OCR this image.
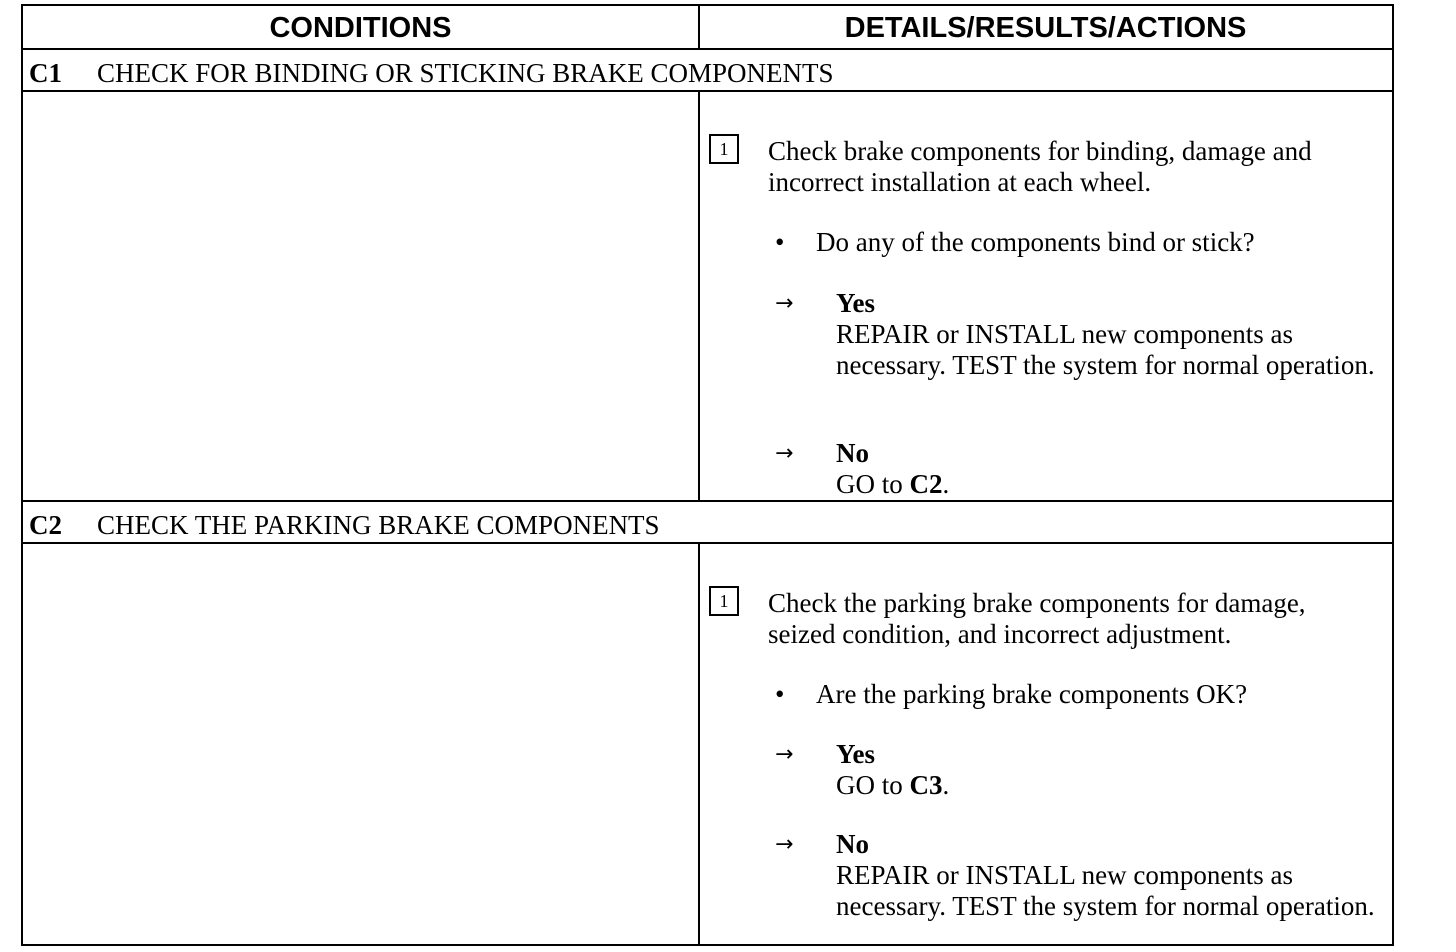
CONDITIONS	DETAILS/RESULTS/ACTIONS
C1 CHECK FOR BINDING OR STICKING BRAKE COMPONENTS
1	Check brake components for binding, damage and incorrect installation at each wheel.
• Do any of the components bind or stick?
→ Yes
REPAIR or INSTALL new components as necessary. TEST the system for normal operation.
→ No
GO to C2.
C2 CHECK THE PARKING BRAKE COMPONENTS
1	Check the parking brake components for damage, seized condition, and incorrect adjustment.
• Are the parking brake components OK?
→ Yes
GO to C3.
→ No
REPAIR or INSTALL new components as necessary. TEST the system for normal operation.
